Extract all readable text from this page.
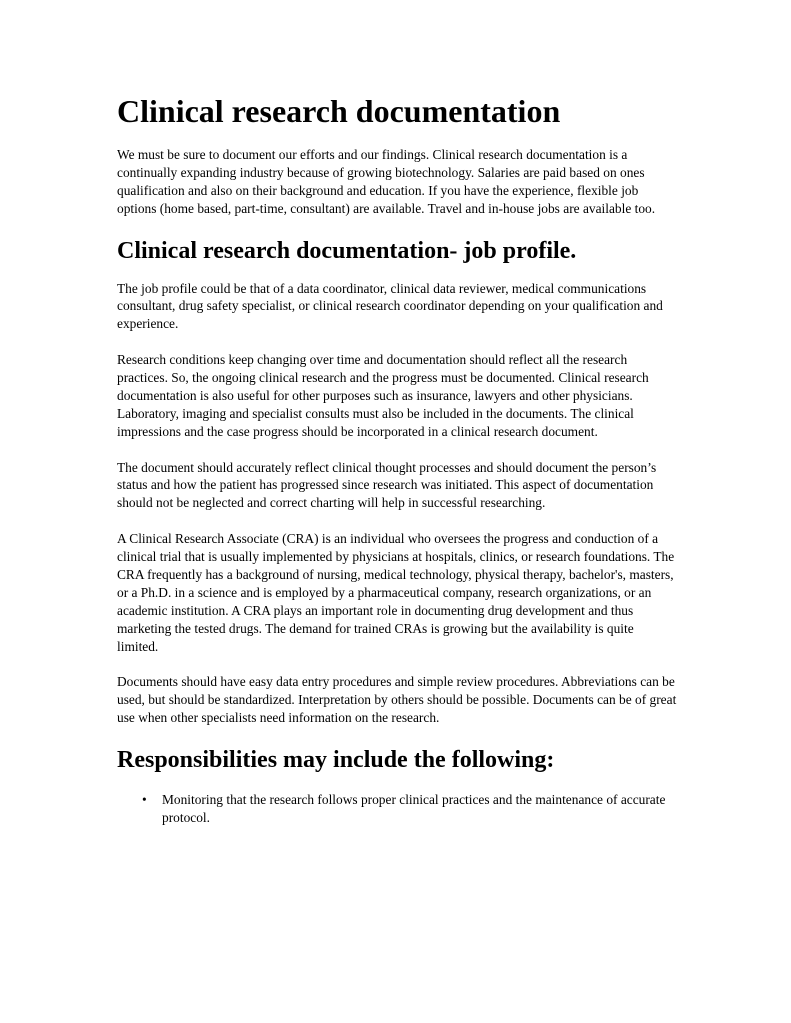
Clinical research documentation

We must be sure to document our efforts and our findings. Clinical research documentation is a continually expanding industry because of growing biotechnology. Salaries are paid based on ones qualification and also on their background and education. If you have the experience, flexible job options (home based, part-time, consultant) are available. Travel and in-house jobs are available too.

Clinical research documentation- job profile.

The job profile could be that of a data coordinator, clinical data reviewer, medical communications consultant, drug safety specialist, or clinical research coordinator depending on your qualification and experience.

Research conditions keep changing over time and documentation should reflect all the research practices. So, the ongoing clinical research and the progress must be documented. Clinical research documentation is also useful for other purposes such as insurance, lawyers and other physicians. Laboratory, imaging and specialist consults must also be included in the documents. The clinical impressions and the case progress should be incorporated in a clinical research document.

The document should accurately reflect clinical thought processes and should document the person’s status and how the patient has progressed since research was initiated. This aspect of documentation should not be neglected and correct charting will help in successful researching.

A Clinical Research Associate (CRA) is an individual who oversees the progress and conduction of a clinical trial that is usually implemented by physicians at hospitals, clinics, or research foundations. The CRA frequently has a background of nursing, medical technology, physical therapy, bachelor's, masters, or a Ph.D. in a science and is employed by a pharmaceutical company, research organizations, or an academic institution. A CRA plays an important role in documenting drug development and thus marketing the tested drugs. The demand for trained CRAs is growing but the availability is quite limited.

Documents should have easy data entry procedures and simple review procedures. Abbreviations can be used, but should be standardized. Interpretation by others should be possible. Documents can be of great use when other specialists need information on the research.

Responsibilities may include the following:
• Monitoring that the research follows proper clinical practices and the maintenance of accurate protocol.
